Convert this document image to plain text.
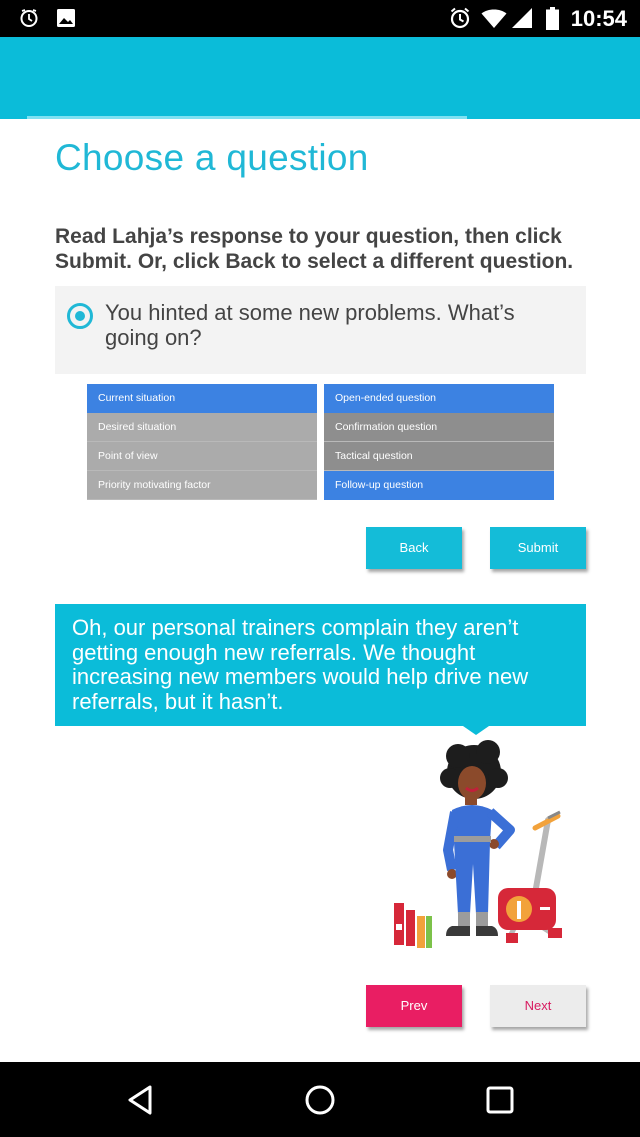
10:54
Choose a question
Read Lahja’s response to your question, then click Submit. Or, click Back to select a different question.
You hinted at some new problems. What’s going on?
Current situation
Desired situation
Point of view
Priority motivating factor
Open-ended question
Confirmation question
Tactical question
Follow-up question
Back	Submit
Oh, our personal trainers complain they aren’t getting enough new referrals. We thought increasing new members would help drive new referrals, but it hasn’t.
Prev	Next
